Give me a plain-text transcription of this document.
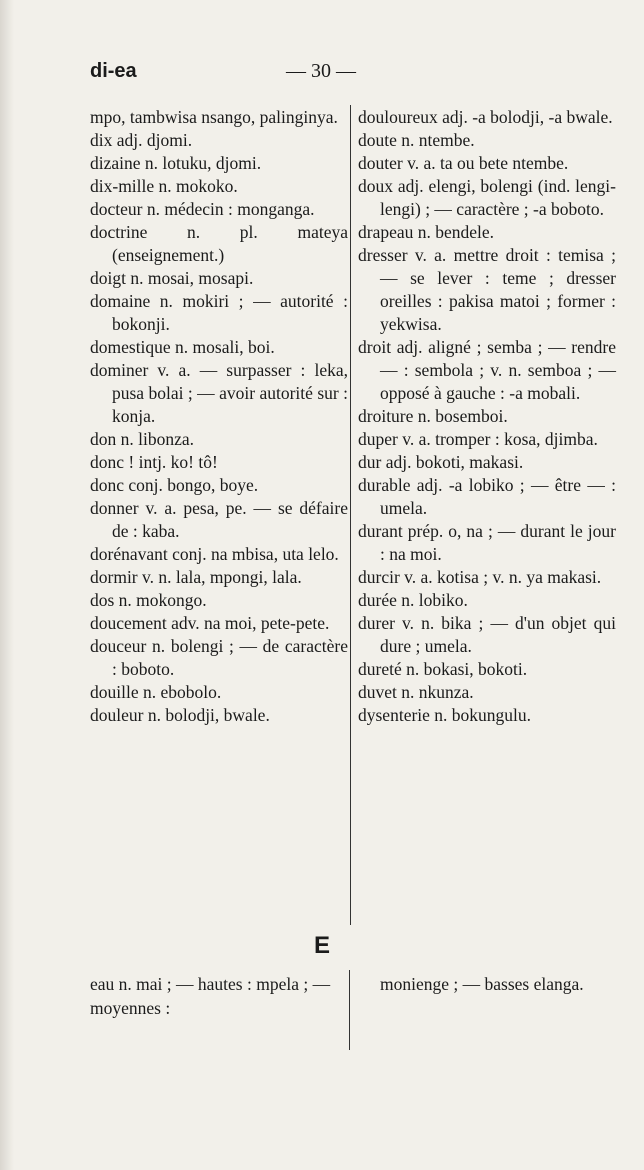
di-ea	— 30 —
mpo, tambwisa nsango, palinginya.
dix adj. djomi.
dizaine n. lotuku, djomi.
dix-mille n. mokoko.
docteur n. médecin : monganga.
doctrine n. pl. mateya (enseignement.)
doigt n. mosai, mosapi.
domaine n. mokiri ; — autorité : bokonji.
domestique n. mosali, boi.
dominer v. a. — surpasser : leka, pusa bolai ; — avoir autorité sur : konja.
don n. libonza.
donc ! intj. ko! tô!
donc conj. bongo, boye.
donner v. a. pesa, pe. — se défaire de : kaba.
dorénavant conj. na mbisa, uta lelo.
dormir v. n. lala, mpongi, lala.
dos n. mokongo.
doucement adv. na moi, pete-pete.
douceur n. bolengi ; — de caractère : boboto.
douille n. ebobolo.
douleur n. bolodji, bwale.
douloureux adj. -a bolodji, -a bwale.
doute n. ntembe.
douter v. a. ta ou bete ntembe.
doux adj. elengi, bolengi (ind. lengi-lengi) ; — caractère ; -a boboto.
drapeau n. bendele.
dresser v. a. mettre droit : temisa ; — se lever : teme ; dresser oreilles : pakisa matoi ; former : yekwisa.
droit adj. aligné ; semba ; — rendre — : sembola ; v. n. semboa ; — opposé à gauche : -a mobali.
droiture n. bosemboi.
duper v. a. tromper : kosa, djimba.
dur adj. bokoti, makasi.
durable adj. -a lobiko ; — être — : umela.
durant prép. o, na ; — durant le jour : na moi.
durcir v. a. kotisa ; v. n. ya makasi.
durée n. lobiko.
durer v. n. bika ; — d'un objet qui dure ; umela.
dureté n. bokasi, bokoti.
duvet n. nkunza.
dysenterie n. bokungulu.
E
eau n. mai ; — hautes : mpela ; — moyennes :
monienge ; — basses elanga.
